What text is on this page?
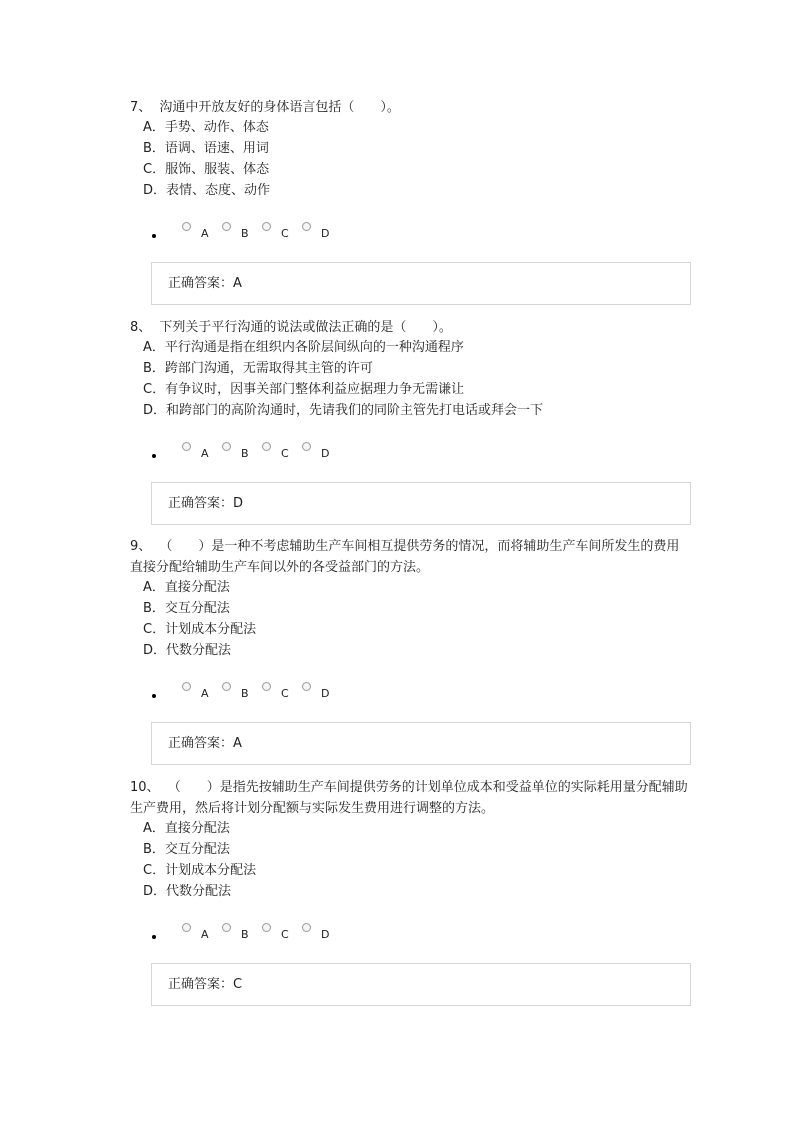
7、 沟通中开放友好的身体语言包括（　　）。

A．手势、动作、体态
B．语调、语速、用词
C．服饰、服装、体态
D．表情、态度、动作
A	B	C	D
正确答案：A

8、 下列关于平行沟通的说法或做法正确的是（　　）。

A．平行沟通是指在组织内各阶层间纵向的一种沟通程序
B．跨部门沟通，无需取得其主管的许可
C．有争议时，因事关部门整体利益应据理力争无需谦让
D．和跨部门的高阶沟通时，先请我们的同阶主管先打电话或拜会一下
A	B	C	D
正确答案：D

9、 （　　）是一种不考虑辅助生产车间相互提供劳务的情况，而将辅助生产车间所发生的费用直接分配给辅助生产车间以外的各受益部门的方法。

A．直接分配法
B．交互分配法
C．计划成本分配法
D．代数分配法
A	B	C	D
正确答案：A

10、 （　　）是指先按辅助生产车间提供劳务的计划单位成本和受益单位的实际耗用量分配辅助生产费用，然后将计划分配额与实际发生费用进行调整的方法。

A．直接分配法
B．交互分配法
C．计划成本分配法
D．代数分配法
A	B	C	D
正确答案：C
